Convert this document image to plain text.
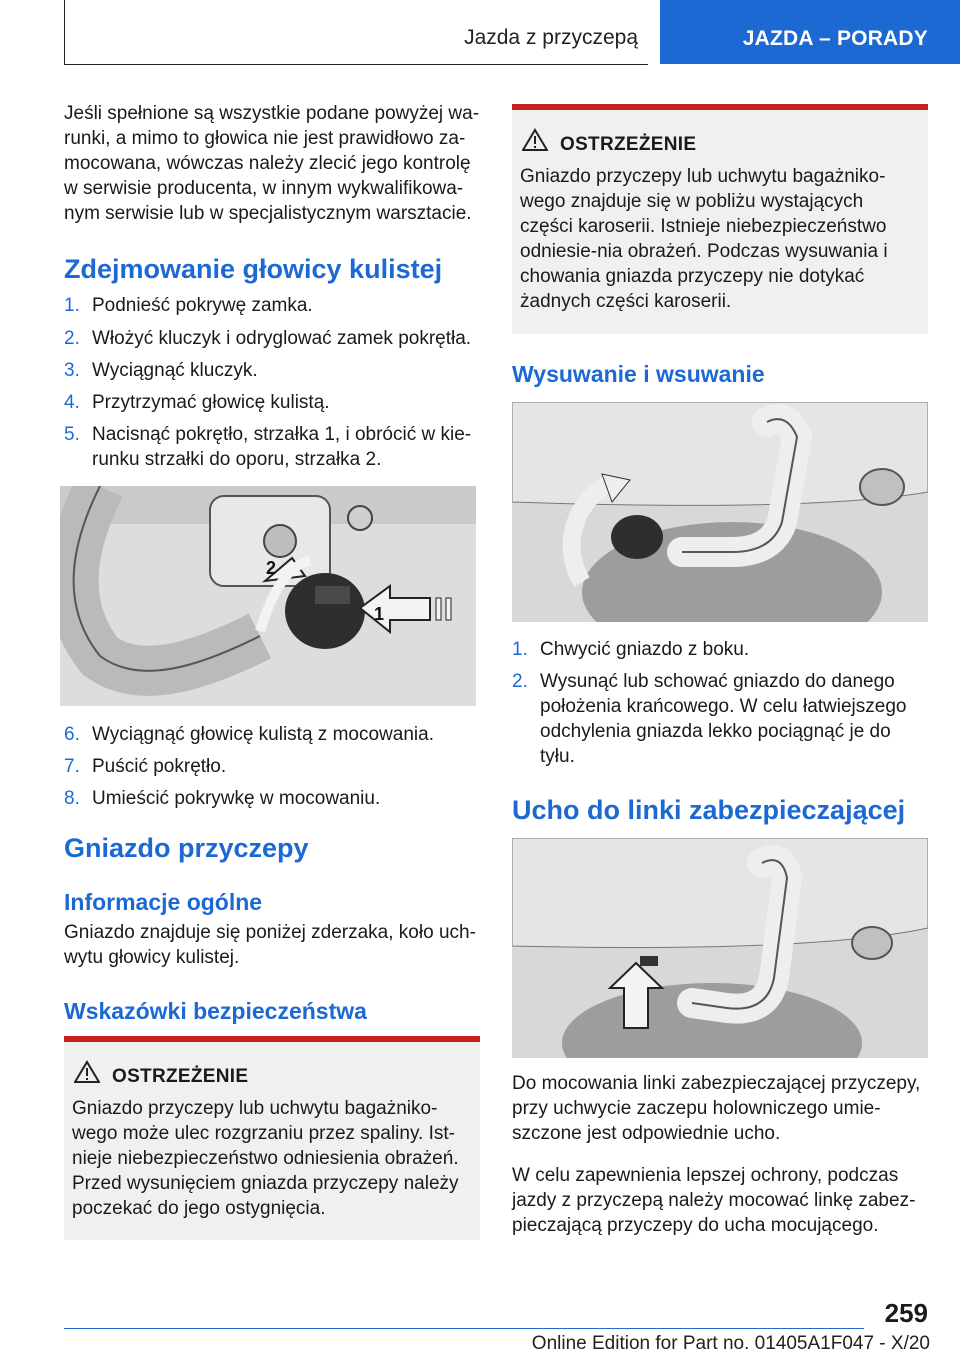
Jazda z przyczepą	JAZDA – PORADY
Jeśli spełnione są wszystkie podane powyżej wa-runki, a mimo to głowica nie jest prawidłowo za-mocowana, wówczas należy zlecić jego kontrolę w serwisie producenta, w innym wykwalifikowa-nym serwisie lub w specjalistycznym warsztacie.
Zdejmowanie głowicy kulistej
1. Podnieść pokrywę zamka.
2. Włożyć kluczyk i odryglować zamek pokrętła.
3. Wyciągnąć kluczyk.
4. Przytrzymać głowicę kulistą.
5. Nacisnąć pokrętło, strzałka 1, i obrócić w kie-runku strzałki do oporu, strzałka 2.
1
2
6. Wyciągnąć głowicę kulistą z mocowania.
7. Puścić pokrętło.
8. Umieścić pokrywkę w mocowaniu.
Gniazdo przyczepy
Informacje ogólne
Gniazdo znajduje się poniżej zderzaka, koło uch-wytu głowicy kulistej.
Wskazówki bezpieczeństwa
OSTRZEŻENIE
Gniazdo przyczepy lub uchwytu bagażniko-wego może ulec rozgrzaniu przez spaliny. Ist-nieje niebezpieczeństwo odniesienia obrażeń. Przed wysunięciem gniazda przyczepy należy poczekać do jego ostygnięcia.
OSTRZEŻENIE
Gniazdo przyczepy lub uchwytu bagażniko-wego znajduje się w pobliżu wystających części karoserii. Istnieje niebezpieczeństwo odniesie-nia obrażeń. Podczas wysuwania i chowania gniazda przyczepy nie dotykać żadnych części karoserii.
Wysuwanie i wsuwanie
1. Chwycić gniazdo z boku.
2. Wysunąć lub schować gniazdo do danego położenia krańcowego. W celu łatwiejszego odchylenia gniazda lekko pociągnąć je do tyłu.
Ucho do linki zabezpieczającej
Do mocowania linki zabezpieczającej przyczepy, przy uchwycie zaczepu holowniczego umie-szczone jest odpowiednie ucho.
W celu zapewnienia lepszej ochrony, podczas jazdy z przyczepą należy mocować linkę zabez-pieczającą przyczepy do ucha mocującego.
259
Online Edition for Part no. 01405A1F047 - X/20
